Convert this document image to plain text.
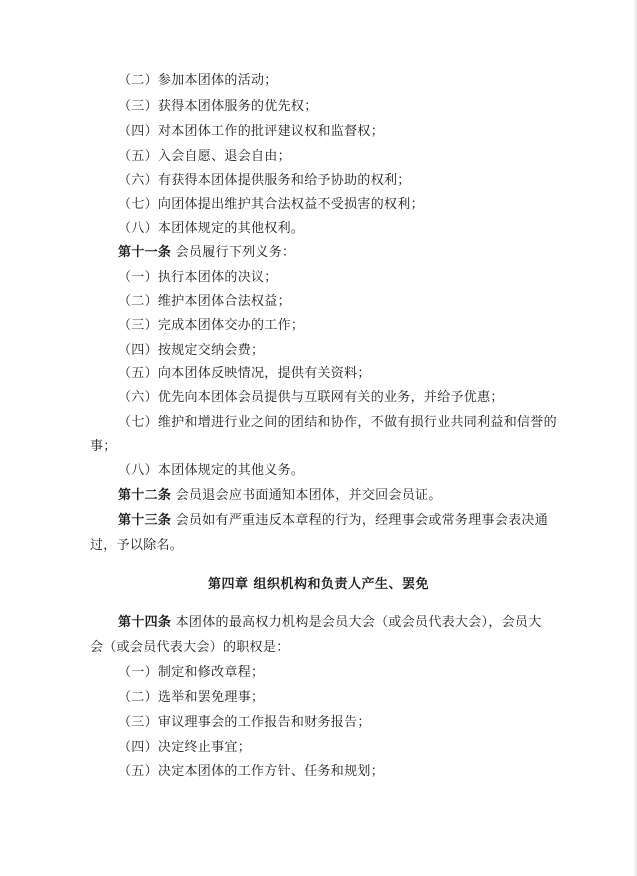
（二）参加本团体的活动；
（三）获得本团体服务的优先权；
（四）对本团体工作的批评建议权和监督权；
（五）入会自愿、退会自由；
（六）有获得本团体提供服务和给予协助的权利；
（七）向团体提出维护其合法权益不受损害的权利；
（八）本团体规定的其他权利。
第十一条 会员履行下列义务：
（一）执行本团体的决议；
（二）维护本团体合法权益；
（三）完成本团体交办的工作；
（四）按规定交纳会费；
（五）向本团体反映情况，提供有关资料；
（六）优先向本团体会员提供与互联网有关的业务，并给予优惠；
（七）维护和增进行业之间的团结和协作，不做有损行业共同利益和信誉的
事；
（八）本团体规定的其他义务。
第十二条 会员退会应书面通知本团体，并交回会员证。
第十三条 会员如有严重违反本章程的行为，经理事会或常务理事会表决通
过，予以除名。
第四章 组织机构和负责人产生、罢免
第十四条 本团体的最高权力机构是会员大会（或会员代表大会），会员大
会（或会员代表大会）的职权是：
（一）制定和修改章程；
（二）选举和罢免理事；
（三）审议理事会的工作报告和财务报告；
（四）决定终止事宜；
（五）决定本团体的工作方针、任务和规划；
